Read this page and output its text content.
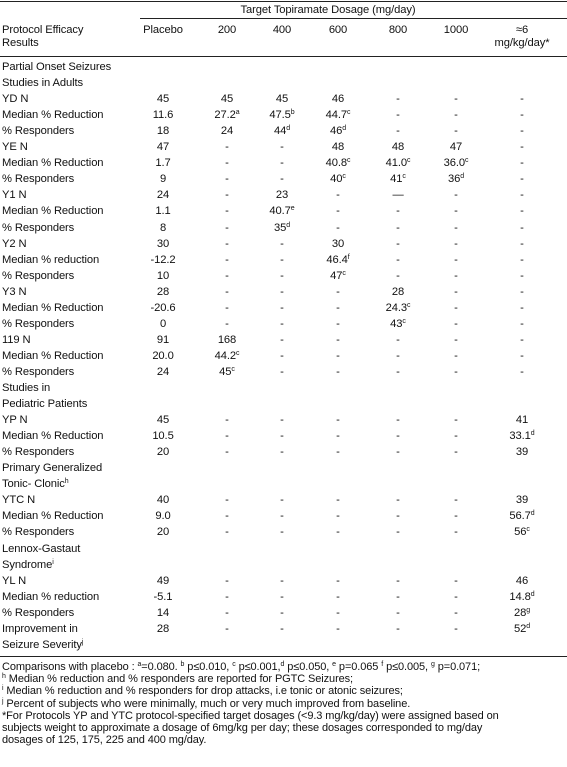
Target Topiramate Dosage (mg/day)
Protocol Efficacy
Results
Placebo	200	400	600	800	1000	≈6
mg/kg/day*
Partial Onset Seizures
Studies in Adults
YD N	45	45	45	46	-	-	-
Median % Reduction	11.6	27.2$^a$	47.5$^b$	44.7$^c$	-	-	-
% Responders	18	24	44$^d$	46$^d$	-	-	-
YE N	47	-	-	48	48	47	-
Median % Reduction	1.7	-	-	40.8$^c$	41.0$^c$	36.0$^c$	-
% Responders	9	-	-	40$^c$	41$^c$	36$^d$	-
Y1 N	24	-	23	-	—	-	-
Median % Reduction	1.1	-	40.7e	-	-	-	-
% Responders	8	-	35$^d$	-	-	-	-
Y2 N	30	-	-	30	-	-	-
Median % reduction	-12.2	-	-	46.4$^f$	-	-	-
% Responders	10	-	-	47$^c$	-	-	-
Y3 N	28	-	-	-	28	-	-
Median % Reduction	-20.6	-	-	-	24.3$^c$	-	-
% Responders	0	-	-	-	43$^c$	-	-
119 N	91	168	-	-	-	-	-
Median % Reduction	20.0	44.2$^c$	-	-	-	-	-
% Responders	24	45$^c$	-	-	-	-	-
Studies in
Pediatric Patients
YP N	45	-	-	-	-	-	41
Median % Reduction	10.5	-	-	-	-	-	33.1$^d$
% Responders	20	-	-	-	-	-	39
Primary Generalized
Tonic- Clonic$^h$
YTC N	40	-	-	-	-	-	39
Median % Reduction	9.0	-	-	-	-	-	56.7$^d$
% Responders	20	-	-	-	-	-	56$^c$
Lennox-Gastaut
Syndrome$^i$
YL N	49	-	-	-	-	-	46
Median % reduction	-5.1	-	-	-	-	-	14.8$^d$
% Responders	14	-	-	-	-	-	28$^g$
Improvement in	28	-	-	-	-	-	52$^d$
Seizure Severity$^j$
Comparisons with placebo : $^a$=0.080. $^b$ p≤0.010, $^c$ p≤0.001,$^d$ p≤0.050, $^e$ p=0.065 $^f$ p≤0.005, $^g$ p=0.071;
$^h$ Median % reduction and % responders are reported for PGTC Seizures;
$^i$ Median % reduction and % responders for drop attacks, i.e tonic or atonic seizures;
$^j$ Percent of subjects who were minimally, much or very much improved from baseline.
*For Protocols YP and YTC protocol-specified target dosages (<9.3 mg/kg/day) were assigned based on
subjects weight to approximate a dosage of 6mg/kg per day; these dosages corresponded to mg/day
dosages of 125, 175, 225 and 400 mg/day.
